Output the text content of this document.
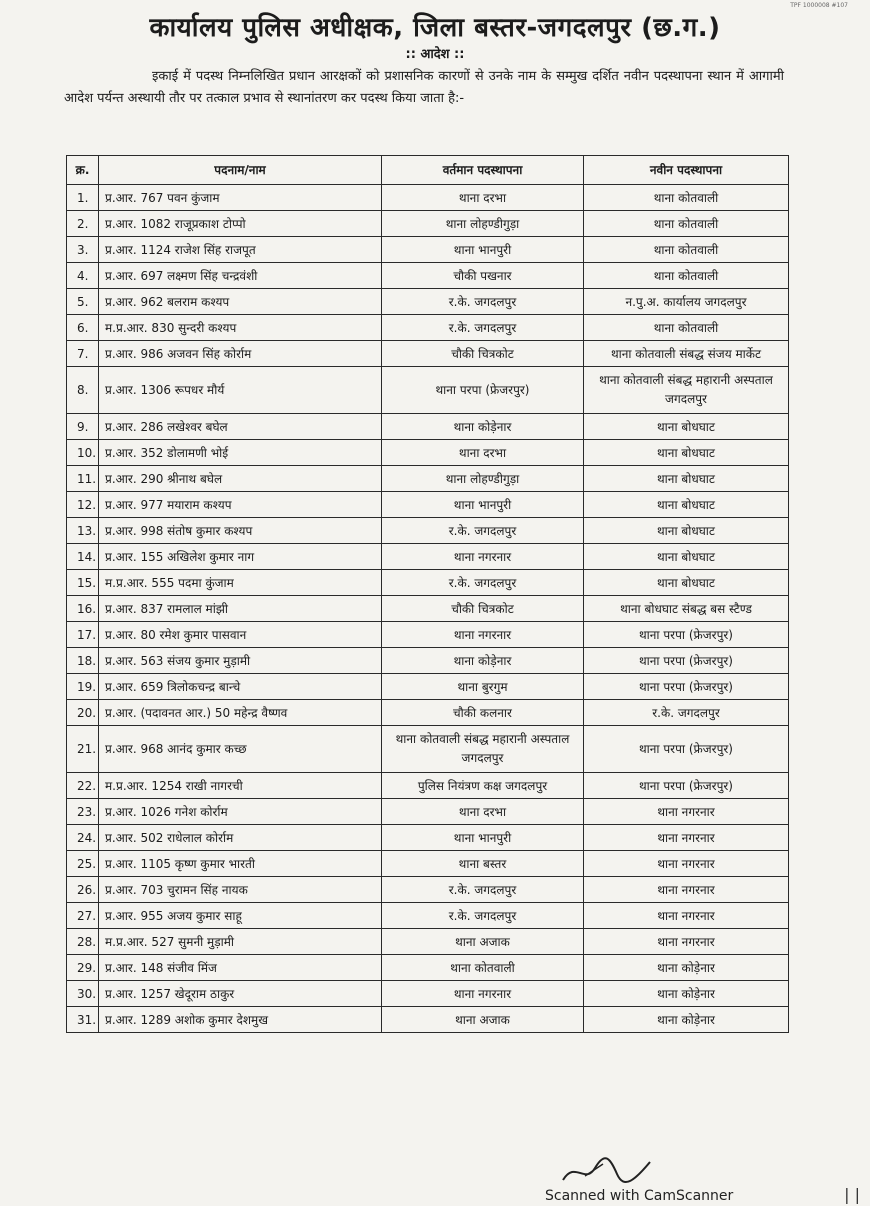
TPF 1000008 #107
कार्यालय पुलिस अधीक्षक, जिला बस्तर-जगदलपुर (छ.ग.)
:: आदेश ::
इकाई में पदस्थ निम्नलिखित प्रधान आरक्षकों को प्रशासनिक कारणों से उनके नाम के सम्मुख दर्शित नवीन पदस्थापना स्थान में आगामी आदेश पर्यन्त अस्थायी तौर पर तत्काल प्रभाव से स्थानांतरण कर पदस्थ किया जाता है:-
क्र.	पदनाम/नाम	वर्तमान पदस्थापना	नवीन पदस्थापना
1.	प्र.आर. 767 पवन कुंजाम	थाना दरभा	थाना कोतवाली
2.	प्र.आर. 1082 राजूप्रकाश टोप्पो	थाना लोहण्डीगुड़ा	थाना कोतवाली
3.	प्र.आर. 1124 राजेश सिंह राजपूत	थाना भानपुरी	थाना कोतवाली
4.	प्र.आर. 697 लक्ष्मण सिंह चन्द्रवंशी	चौकी पखनार	थाना कोतवाली
5.	प्र.आर. 962 बलराम कश्यप	र.के. जगदलपुर	न.पु.अ. कार्यालय जगदलपुर
6.	म.प्र.आर. 830 सुन्दरी कश्यप	र.के. जगदलपुर	थाना कोतवाली
7.	प्र.आर. 986 अजवन सिंह कोर्राम	चौकी चित्रकोट	थाना कोतवाली संबद्ध संजय मार्केट
8.	प्र.आर. 1306 रूपधर मौर्य	थाना परपा (फ्रेजरपुर)	थाना कोतवाली संबद्ध महारानी अस्पताल जगदलपुर
9.	प्र.आर. 286 लखेश्वर बघेल	थाना कोड़ेनार	थाना बोधघाट
10.	प्र.आर. 352 डोलामणी भोई	थाना दरभा	थाना बोधघाट
11.	प्र.आर. 290 श्रीनाथ बघेल	थाना लोहण्डीगुड़ा	थाना बोधघाट
12.	प्र.आर. 977 मयाराम कश्यप	थाना भानपुरी	थाना बोधघाट
13.	प्र.आर. 998 संतोष कुमार कश्यप	र.के. जगदलपुर	थाना बोधघाट
14.	प्र.आर. 155 अखिलेश कुमार नाग	थाना नगरनार	थाना बोधघाट
15.	म.प्र.आर. 555 पदमा कुंजाम	र.के. जगदलपुर	थाना बोधघाट
16.	प्र.आर. 837 रामलाल मांझी	चौकी चित्रकोट	थाना बोधघाट संबद्ध बस स्टैण्ड
17.	प्र.आर. 80 रमेश कुमार पासवान	थाना नगरनार	थाना परपा (फ्रेजरपुर)
18.	प्र.आर. 563 संजय कुमार मुड़ामी	थाना कोड़ेनार	थाना परपा (फ्रेजरपुर)
19.	प्र.आर. 659 त्रिलोकचन्द्र बान्चे	थाना बुरगुम	थाना परपा (फ्रेजरपुर)
20.	प्र.आर. (पदावनत आर.) 50 महेन्द्र वैष्णव	चौकी कलनार	र.के. जगदलपुर
21.	प्र.आर. 968 आनंद कुमार कच्छ	थाना कोतवाली संबद्ध महारानी अस्पताल जगदलपुर	थाना परपा (फ्रेजरपुर)
22.	म.प्र.आर. 1254 राखी नागरची	पुलिस नियंत्रण कक्ष जगदलपुर	थाना परपा (फ्रेजरपुर)
23.	प्र.आर. 1026 गनेश कोर्राम	थाना दरभा	थाना नगरनार
24.	प्र.आर. 502 राधेलाल कोर्राम	थाना भानपुरी	थाना नगरनार
25.	प्र.आर. 1105 कृष्ण कुमार भारती	थाना बस्तर	थाना नगरनार
26.	प्र.आर. 703 चुरामन सिंह नायक	र.के. जगदलपुर	थाना नगरनार
27.	प्र.आर. 955 अजय कुमार साहू	र.के. जगदलपुर	थाना नगरनार
28.	म.प्र.आर. 527 सुमनी मुड़ामी	थाना अजाक	थाना नगरनार
29.	प्र.आर. 148 संजीव मिंज	थाना कोतवाली	थाना कोड़ेनार
30.	प्र.आर. 1257 खेदूराम ठाकुर	थाना नगरनार	थाना कोड़ेनार
31.	प्र.आर. 1289 अशोक कुमार देशमुख	थाना अजाक	थाना कोड़ेनार
Scanned with CamScanner	| |
